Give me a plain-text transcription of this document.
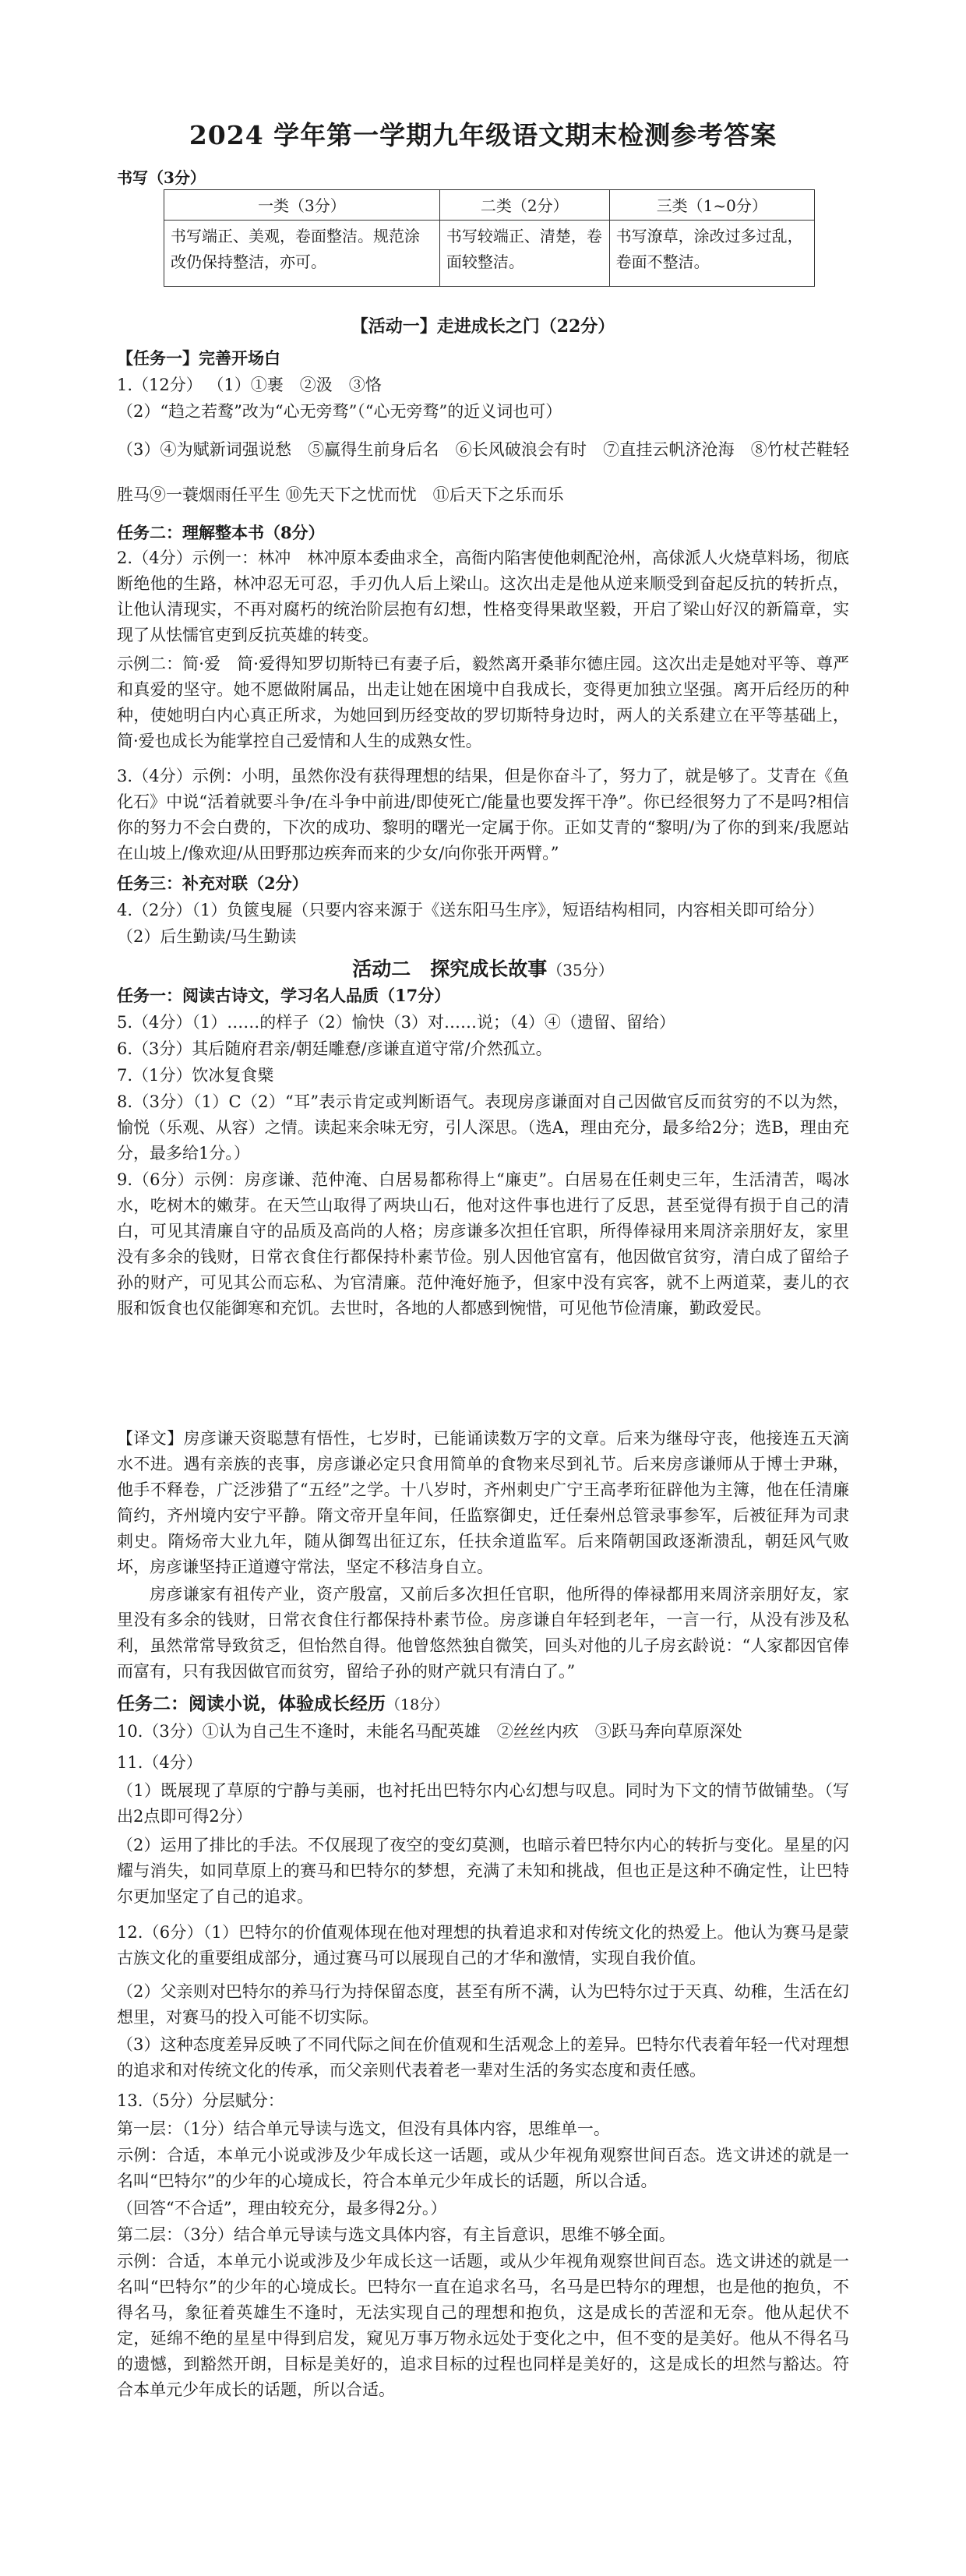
2024 学年第一学期九年级语文期末检测参考答案
书写（3分）
一类（3分）	二类（2分）	三类（1~0分）
书写端正、美观，卷面整洁。规范涂改仍保持整洁，亦可。	书写较端正、清楚，卷面较整洁。	书写潦草，涂改过多过乱，卷面不整洁。
【活动一】走进成长之门（22分）
【任务一】完善开场白

1.（12分） （1）①裹　②汲　③恪

（2）“趋之若鹜”改为“心无旁骛”（“心无旁骛”的近义词也可）

（3）④为赋新词强说愁　⑤赢得生前身后名　⑥长风破浪会有时　⑦直挂云帆济沧海　⑧竹杖芒鞋轻胜马⑨一蓑烟雨任平生 ⑩先天下之忧而忧　⑪后天下之乐而乐

任务二：理解整本书（8分）

2.（4分）示例一：林冲　林冲原本委曲求全，高衙内陷害使他刺配沧州，高俅派人火烧草料场，彻底断绝他的生路，林冲忍无可忍，手刃仇人后上梁山。这次出走是他从逆来顺受到奋起反抗的转折点，让他认清现实，不再对腐朽的统治阶层抱有幻想，性格变得果敢坚毅，开启了梁山好汉的新篇章，实现了从怯懦官吏到反抗英雄的转变。

示例二：简·爱　简·爱得知罗切斯特已有妻子后，毅然离开桑菲尔德庄园。这次出走是她对平等、尊严和真爱的坚守。她不愿做附属品，出走让她在困境中自我成长，变得更加独立坚强。离开后经历的种种，使她明白内心真正所求，为她回到历经变故的罗切斯特身边时，两人的关系建立在平等基础上，简·爱也成长为能掌控自己爱情和人生的成熟女性。

3.（4分）示例：小明，虽然你没有获得理想的结果，但是你奋斗了，努力了，就是够了。艾青在《鱼化石》中说“活着就要斗争/在斗争中前进/即使死亡/能量也要发挥干净”。你已经很努力了不是吗?相信你的努力不会白费的，下次的成功、黎明的曙光一定属于你。正如艾青的“黎明/为了你的到来/我愿站在山坡上/像欢迎/从田野那边疾奔而来的少女/向你张开两臂。”

任务三：补充对联（2分）

4.（2分）（1）负篋曳屣（只要内容来源于《送东阳马生序》，短语结构相同，内容相关即可给分）

（2）后生勤读/马生勤读

活动二　探究成长故事（35分）
任务一：阅读古诗文，学习名人品质（17分）

5.（4分）（1）……的样子（2）愉快（3）对……说；（4）④（遗留、留给）

6.（3分）其后随府君亲/朝廷雕憃/彦谦直道守常/介然孤立。

7.（1分）饮冰复食檗

8.（3分）（1）C（2）“耳”表示肯定或判断语气。表现房彦谦面对自己因做官反而贫穷的不以为然，愉悦（乐观、从容）之情。读起来余味无穷，引人深思。（选A，理由充分，最多给2分；选B，理由充分，最多给1分。）

9.（6分）示例：房彦谦、范仲淹、白居易都称得上“廉吏”。白居易在任刺史三年，生活清苦，喝冰水，吃树木的嫩芽。在天竺山取得了两块山石，他对这件事也进行了反思，甚至觉得有损于自己的清白，可见其清廉自守的品质及高尚的人格；房彦谦多次担任官职，所得俸禄用来周济亲朋好友，家里没有多余的钱财，日常衣食住行都保持朴素节俭。别人因他官富有，他因做官贫穷，清白成了留给子孙的财产，可见其公而忘私、为官清廉。范仲淹好施予，但家中没有宾客，就不上两道菜，妻儿的衣服和饭食也仅能御寒和充饥。去世时，各地的人都感到惋惜，可见他节俭清廉，勤政爱民。

【译文】房彦谦天资聪慧有悟性，七岁时，已能诵读数万字的文章。后来为继母守丧，他接连五天滴水不进。遇有亲族的丧事，房彦谦必定只食用简单的食物来尽到礼节。后来房彦谦师从于博士尹琳，他手不释卷，广泛涉猎了“五经”之学。十八岁时，齐州刺史广宁王高孝珩征辟他为主簿，他在任清廉简约，齐州境内安宁平静。隋文帝开皇年间，任监察御史，迁任秦州总管录事参军，后被征拜为司隶刺史。隋炀帝大业九年，随从御驾出征辽东，任扶余道监军。后来隋朝国政逐渐溃乱，朝廷风气败坏，房彦谦坚持正道遵守常法，坚定不移洁身自立。

房彦谦家有祖传产业，资产殷富，又前后多次担任官职，他所得的俸禄都用来周济亲朋好友，家里没有多余的钱财，日常衣食住行都保持朴素节俭。房彦谦自年轻到老年，一言一行，从没有涉及私利，虽然常常导致贫乏，但怡然自得。他曾悠然独自微笑，回头对他的儿子房玄龄说：“人家都因官俸而富有，只有我因做官而贫穷，留给子孙的财产就只有清白了。”

任务二：阅读小说，体验成长经历（18分）

10.（3分）①认为自己生不逢时，未能名马配英雄　②丝丝内疚　③跃马奔向草原深处

11.（4分）

（1）既展现了草原的宁静与美丽，也衬托出巴特尔内心幻想与叹息。同时为下文的情节做铺垫。（写出2点即可得2分）

（2）运用了排比的手法。不仅展现了夜空的变幻莫测，也暗示着巴特尔内心的转折与变化。星星的闪耀与消失，如同草原上的赛马和巴特尔的梦想，充满了未知和挑战，但也正是这种不确定性，让巴特尔更加坚定了自己的追求。

12.（6分）（1）巴特尔的价值观体现在他对理想的执着追求和对传统文化的热爱上。他认为赛马是蒙古族文化的重要组成部分，通过赛马可以展现自己的才华和激情，实现自我价值。

（2）父亲则对巴特尔的养马行为持保留态度，甚至有所不满，认为巴特尔过于天真、幼稚，生活在幻想里，对赛马的投入可能不切实际。

（3）这种态度差异反映了不同代际之间在价值观和生活观念上的差异。巴特尔代表着年轻一代对理想的追求和对传统文化的传承，而父亲则代表着老一辈对生活的务实态度和责任感。

13.（5分）分层赋分：

第一层：（1分）结合单元导读与选文，但没有具体内容，思维单一。

示例：合适，本单元小说或涉及少年成长这一话题，或从少年视角观察世间百态。选文讲述的就是一名叫“巴特尔”的少年的心境成长，符合本单元少年成长的话题，所以合适。

（回答“不合适”，理由较充分，最多得2分。）

第二层：（3分）结合单元导读与选文具体内容，有主旨意识，思维不够全面。

示例：合适，本单元小说或涉及少年成长这一话题，或从少年视角观察世间百态。选文讲述的就是一名叫“巴特尔”的少年的心境成长。巴特尔一直在追求名马，名马是巴特尔的理想，也是他的抱负，不得名马，象征着英雄生不逢时，无法实现自己的理想和抱负，这是成长的苦涩和无奈。他从起伏不定，延绵不绝的星星中得到启发，窥见万事万物永远处于变化之中，但不变的是美好。他从不得名马的遗憾，到豁然开朗，目标是美好的，追求目标的过程也同样是美好的，这是成长的坦然与豁达。符合本单元少年成长的话题，所以合适。
